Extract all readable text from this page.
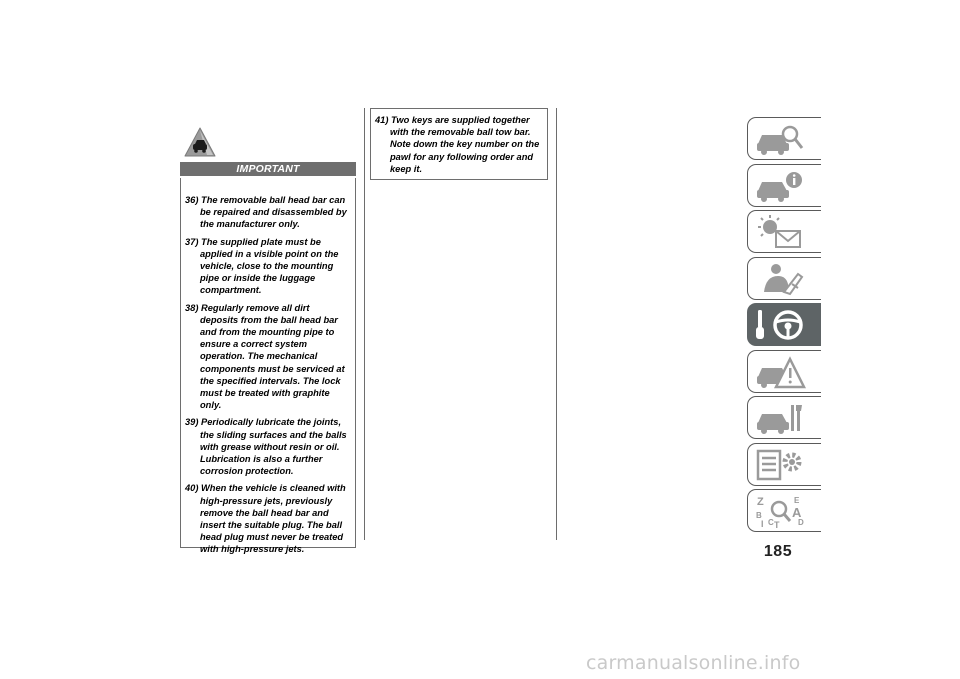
IMPORTANT

36) The removable ball head bar can be repaired and disassembled by the manufacturer only.

37) The supplied plate must be applied in a visible point on the vehicle, close to the mounting pipe or inside the luggage compartment.

38) Regularly remove all dirt deposits from the ball head bar and from the mounting pipe to ensure a correct system operation. The mechanical components must be serviced at the specified intervals. The lock must be treated with graphite only.

39) Periodically lubricate the joints, the sliding surfaces and the balls with grease without resin or oil. Lubrication is also a further corrosion protection.

40) When the vehicle is cleaned with high-pressure jets, previously remove the ball head bar and insert the suitable plug. The ball head plug must never be treated with high-pressure jets.

41) Two keys are supplied together with the removable ball tow bar. Note down the key number on the pawl for any following order and keep it.

Z	E
B A
I C T D
185
carmanualsonline.info
